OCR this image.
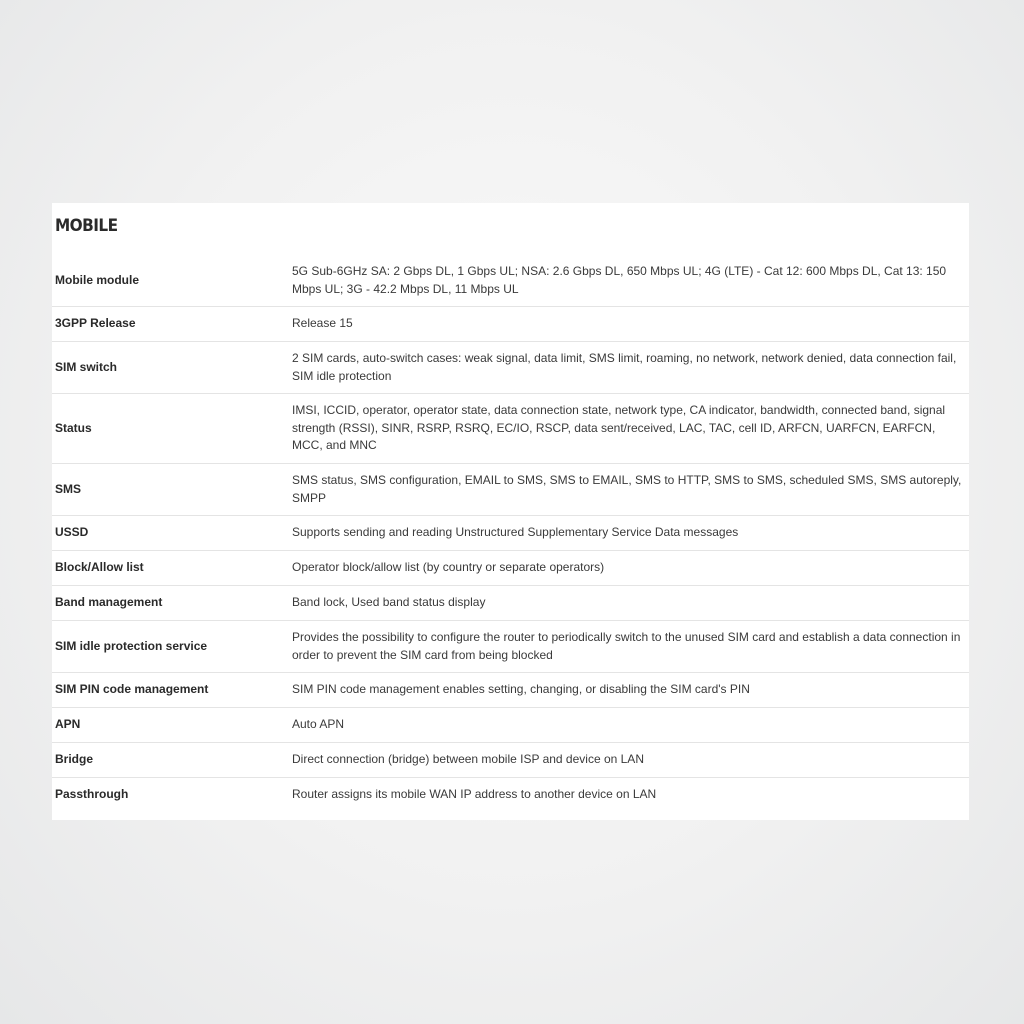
MOBILE
Mobile module	5G Sub-6GHz SA: 2 Gbps DL, 1 Gbps UL; NSA: 2.6 Gbps DL, 650 Mbps UL; 4G (LTE) - Cat 12: 600 Mbps DL, Cat 13: 150 Mbps UL; 3G - 42.2 Mbps DL, 11 Mbps UL
3GPP Release	Release 15
SIM switch	2 SIM cards, auto-switch cases: weak signal, data limit, SMS limit, roaming, no network, network denied, data connection fail, SIM idle protection
Status	IMSI, ICCID, operator, operator state, data connection state, network type, CA indicator, bandwidth, connected band, signal strength (RSSI), SINR, RSRP, RSRQ, EC/IO, RSCP, data sent/received, LAC, TAC, cell ID, ARFCN, UARFCN, EARFCN, MCC, and MNC
SMS	SMS status, SMS configuration, EMAIL to SMS, SMS to EMAIL, SMS to HTTP, SMS to SMS, scheduled SMS, SMS autoreply, SMPP
USSD	Supports sending and reading Unstructured Supplementary Service Data messages
Block/Allow list	Operator block/allow list (by country or separate operators)
Band management	Band lock, Used band status display
SIM idle protection service	Provides the possibility to configure the router to periodically switch to the unused SIM card and establish a data connection in order to prevent the SIM card from being blocked
SIM PIN code management	SIM PIN code management enables setting, changing, or disabling the SIM card's PIN
APN	Auto APN
Bridge	Direct connection (bridge) between mobile ISP and device on LAN
Passthrough	Router assigns its mobile WAN IP address to another device on LAN
